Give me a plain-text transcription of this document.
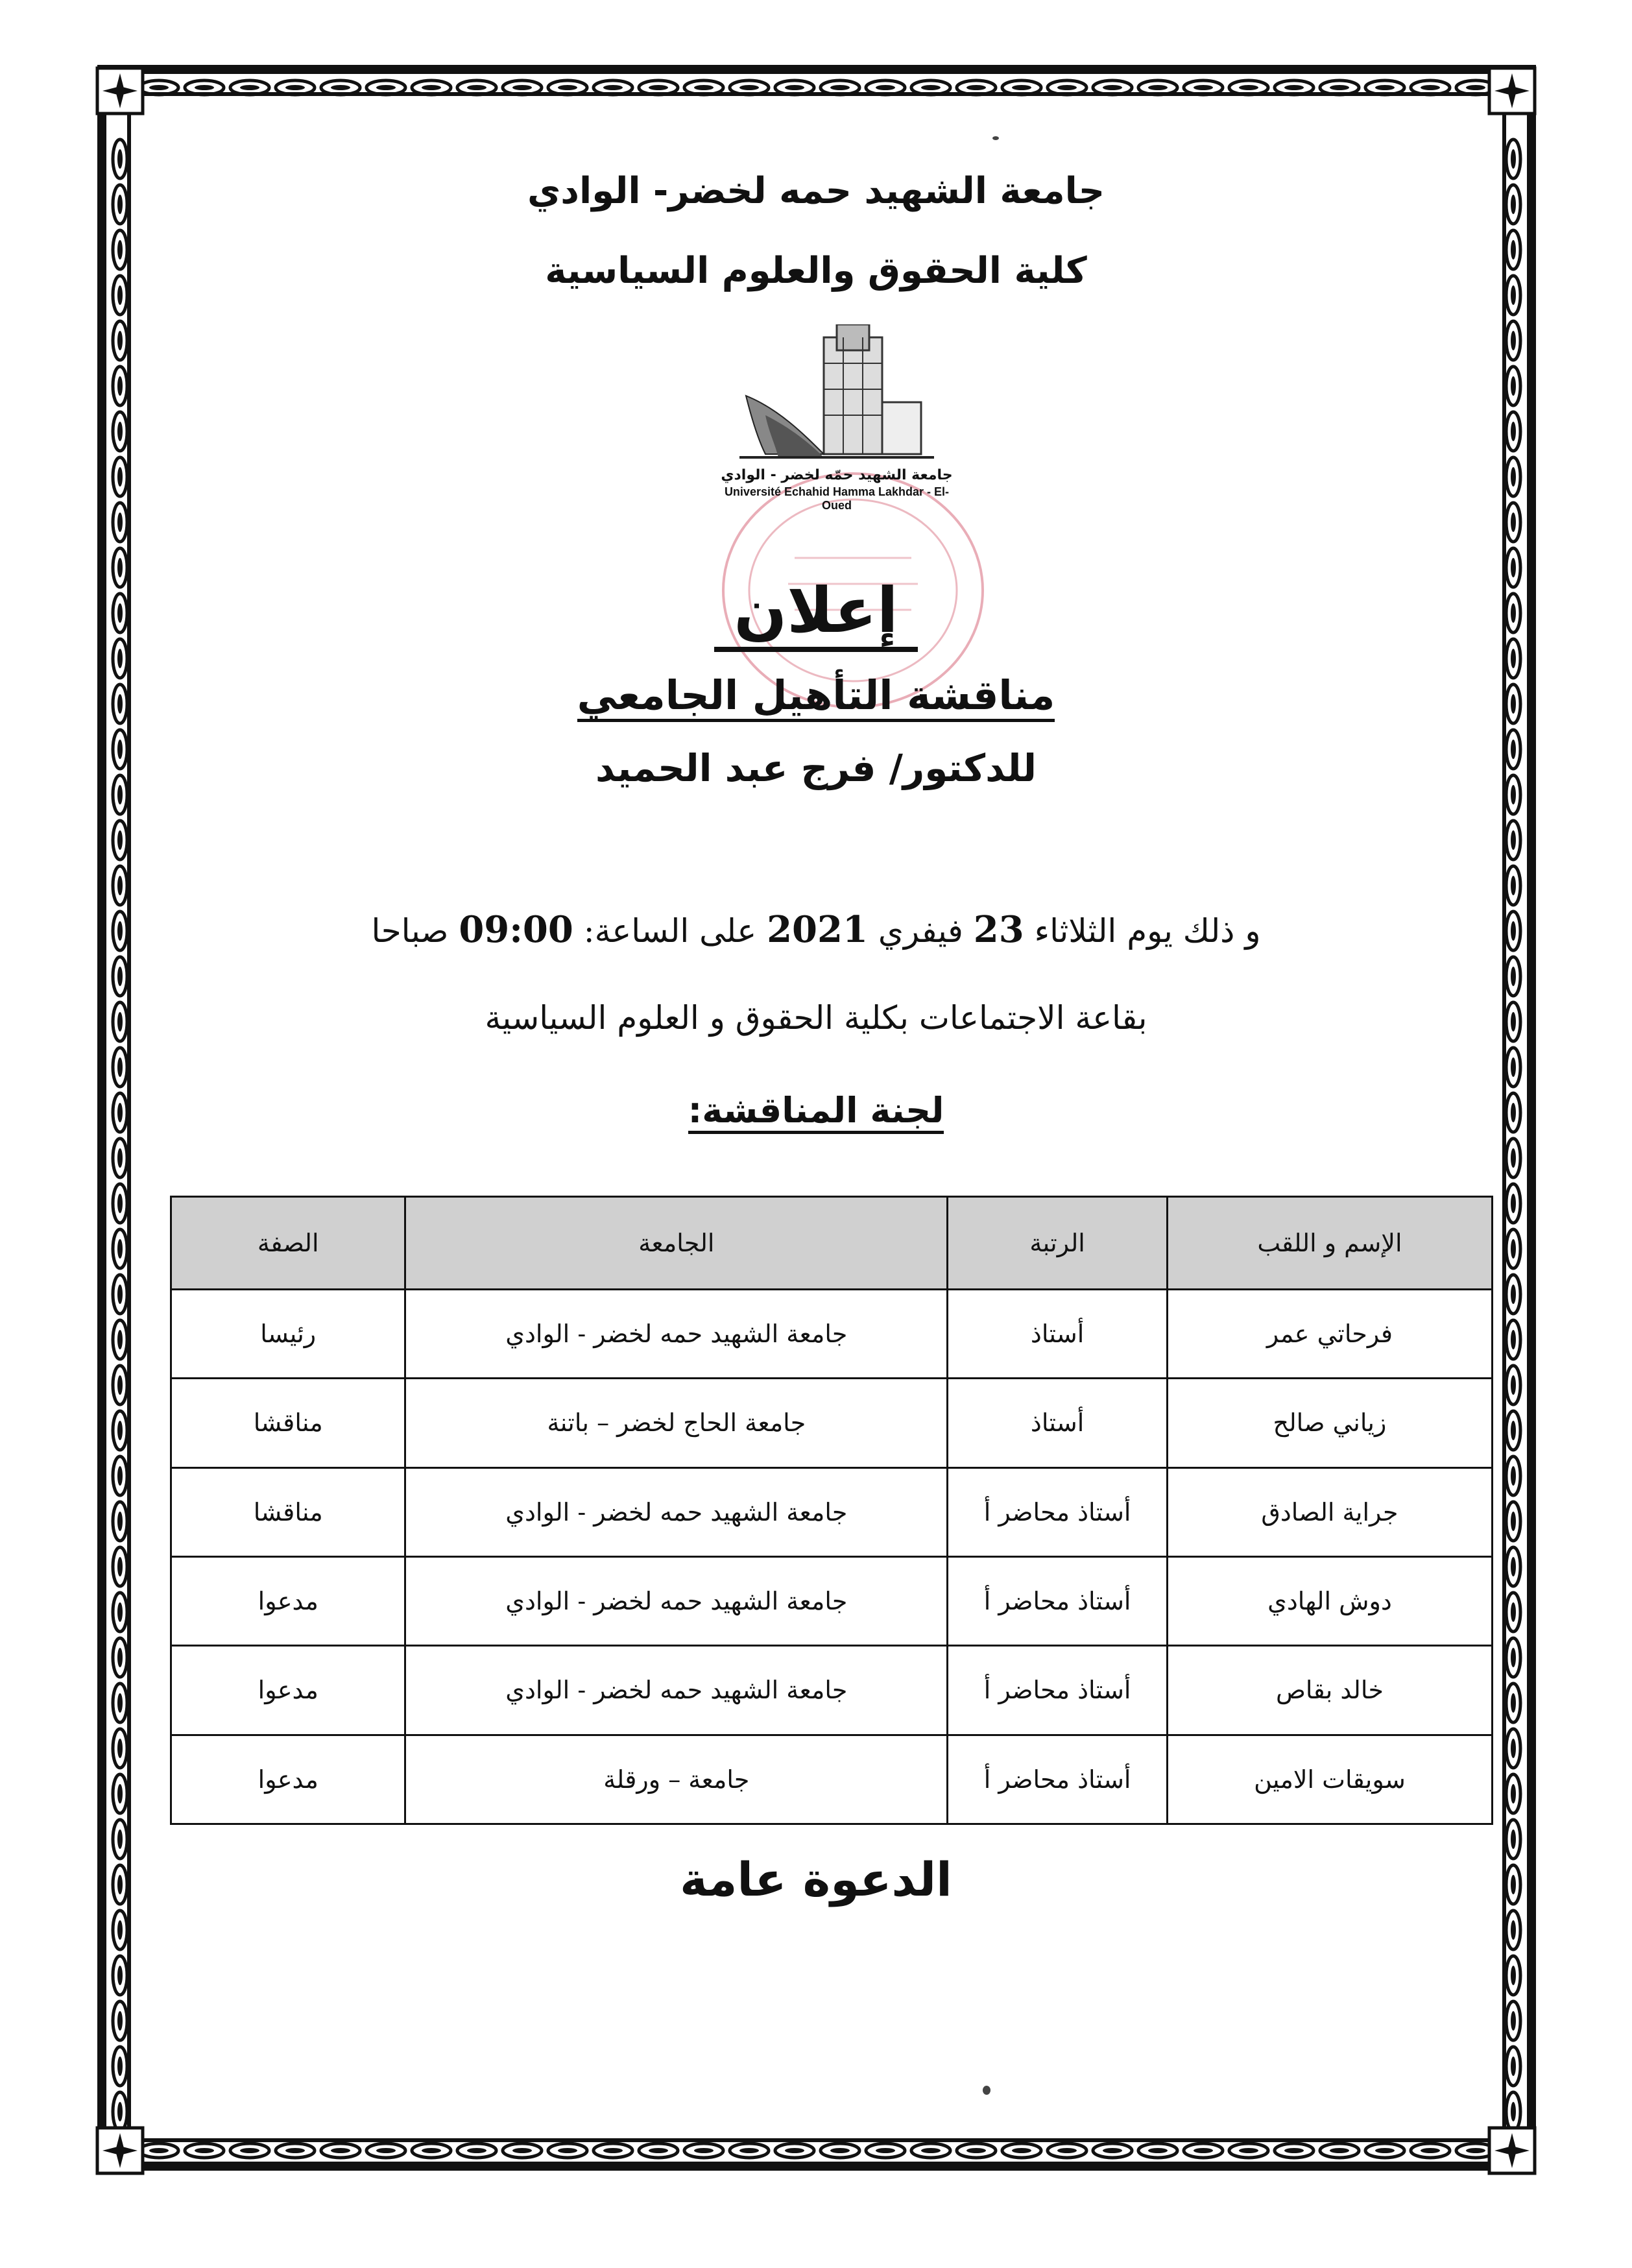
جامعة الشهيد حمه لخضر- الوادي
كلية الحقوق والعلوم السياسية
جامعة الشهيد حمّه لخضر - الوادي
Université Echahid Hamma Lakhdar - El-Oued
إعلان
مناقشة التأهيل الجامعي
للدكتور/ فرج عبد الحميد
و ذلك يوم الثلاثاء 23 فيفري 2021 على الساعة: 09:00 صباحا
بقاعة الاجتماعات بكلية الحقوق و العلوم السياسية
لجنة المناقشة:
الإسم و اللقب	الرتبة	الجامعة	الصفة
فرحاتي عمر	أستاذ	جامعة الشهيد حمه لخضر - الوادي	رئيسا
زياني صالح	أستاذ	جامعة الحاج لخضر – باتنة	مناقشا
جراية الصادق	أستاذ محاضر أ	جامعة الشهيد حمه لخضر - الوادي	مناقشا
دوش الهادي	أستاذ محاضر أ	جامعة الشهيد حمه لخضر - الوادي	مدعوا
خالد بقاص	أستاذ محاضر أ	جامعة الشهيد حمه لخضر - الوادي	مدعوا
سويقات الامين	أستاذ محاضر أ	جامعة – ورقلة	مدعوا
الدعوة عامة
